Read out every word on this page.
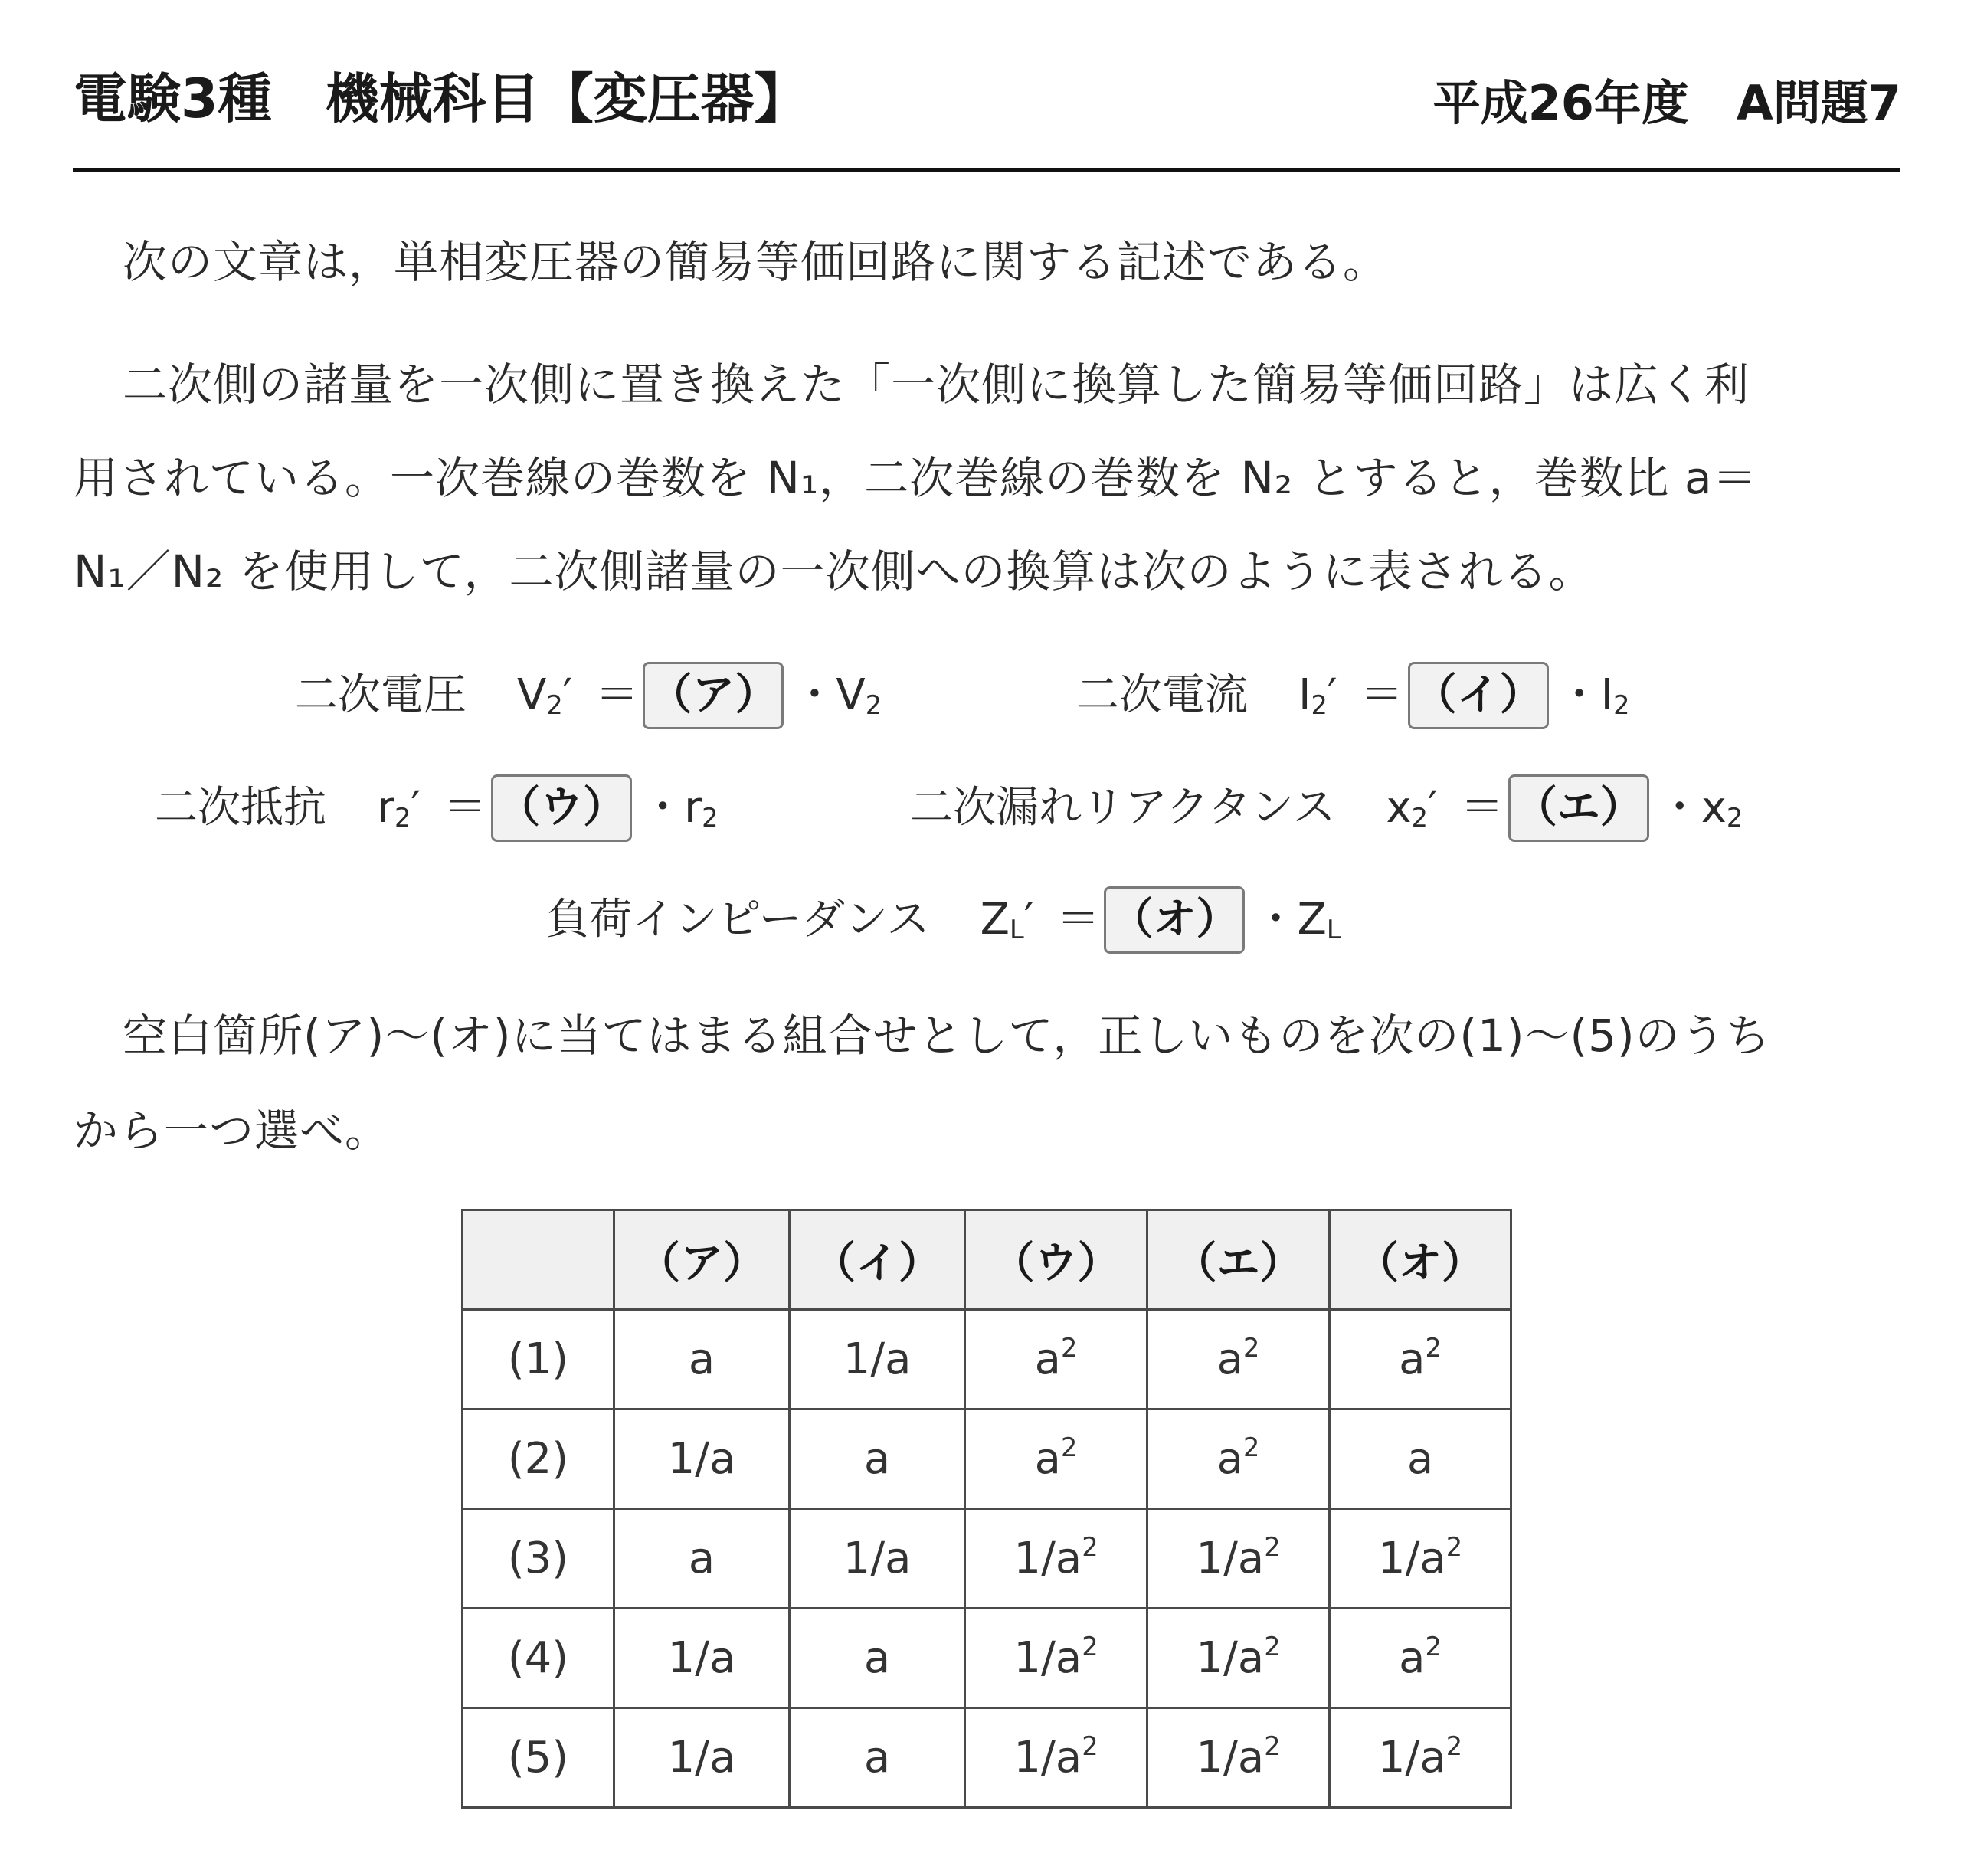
電験3種　機械科目【変圧器】	平成26年度　A問題7
次の文章は，単相変圧器の簡易等価回路に関する記述である。
二次側の諸量を一次側に置き換えた「一次側に換算した簡易等価回路」は広く利
用されている。一次巻線の巻数を N₁，二次巻線の巻数を N₂ とすると，巻数比 a＝
N₁／N₂ を使用して，二次側諸量の一次側への換算は次のように表される。
二次電圧 $V_2'$ ＝ （ア） ・ $V_2$	二次電流 $I_2'$ ＝ （イ） ・ $I_2$
二次抵抗 $r_2'$ ＝ （ウ） ・ $r_2$	二次漏れリアクタンス $x_2'$ ＝ （エ） ・ $x_2$
負荷インピーダンス $Z_L'$ ＝ （オ） ・ $Z_L$
空白箇所(ア)～(オ)に当てはまる組合せとして，正しいものを次の(1)～(5)のうち
から一つ選べ。
	（ア）	（イ）	（ウ）	（エ）	（オ）
(1)	a	1/a	$a^2$	$a^2$	$a^2$
(2)	1/a	a	$a^2$	$a^2$	a
(3)	a	1/a	$1/a^2$	$1/a^2$	$1/a^2$
(4)	1/a	a	$1/a^2$	$1/a^2$	$a^2$
(5)	1/a	a	$1/a^2$	$1/a^2$	$1/a^2$
